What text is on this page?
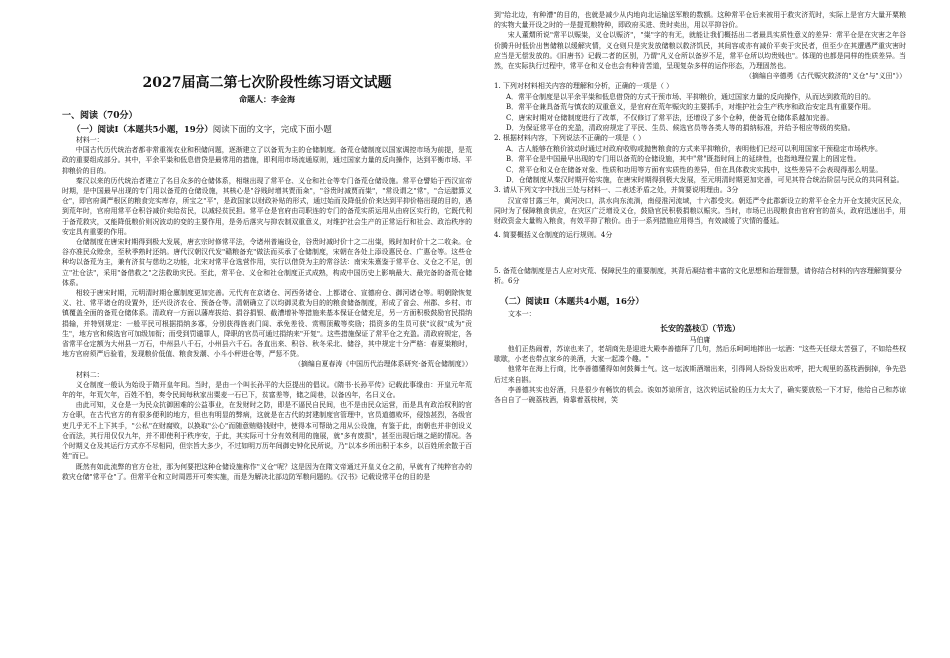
2027届高二第七次阶段性练习语文试题

命题人：李金海

一、阅读（70分）

（一）阅读Ⅰ（本题共5小题，19分）阅读下面的文字，完成下面小题

材料一：

中国古代历代统治者都非常重视农业和积储问题，逐渐建立了以备荒为主的仓储制度。备荒仓储制度以国家调控市场为前提，是荒政的重要组成部分。其中，平余平粜和低息借贷是最常用的措施，即利用市场流通原则，通过国家力量的反向操作，达到平衡市场、平抑粮价的目的。

秦汉以来的历代统治者建立了名目众多的仓储体系，相继出现了常平仓、义仓和社仓等专门备荒仓储设施。常平仓譬始于西汉宣帝时期，是中国最早出现的专门用以备荒的仓储设施，其核心是"谷贱时增其贾而籴"，"谷贵时减贾而粜"，"常设谓之"常"，"合运腊算义仓"，即官府调严根区的粮食完实库存，所宝之"平"，是政国家以财政补贴的形式，通过始而及降低价价来达到平抑价格出现的目的，遇到荒年时，官府用常平仓积谷减价卖给贫民，以减轻贫民担。常平仓是官府由司职连的专门的备荒实质运用从由府区实行的，它既代利于备荒救灾，又能降低粮价则况波动的变的主要作用，是务后落灾与抑农制双重意义，对维护社会生产的正常运行和社会、政治秩序的安定具有重要的作用。

仓储制度在唐宋时期得到极大发展，唐玄宗时修常平法，令诸州普遍设仓，谷贵时减时价十之二出粜，贱时加时价十之二收籴。仓谷亦准民众赊余，至秋季熟时还纳。唐代汉朝汉代发"赣粮备充"做法而买承了仓储制度，宋朝在各处上添设惠民仓、广惠仓等。这些仓种均以备荒为主，兼有济贫与慈幼之功能，北宋对常平仓选营作用，实行以借贷为主的常谷法：南宋朱熹鉴于常平仓、义仓之不足，创立"社仓法"，采用"备借救之"之法救助灾民。至此，常平仓、义仓和社仓制度正式成熟，构成中国历史上影响最大、最完备的备荒仓储体系。

相较于唐宋时期，元明清时期仓廪制度更加完善。元代有在京诸仓、河西务诸仓、上都诸仓、宣德府仓、御河诸仓等。明朝除恢复义、社、常平诸仓的设置外，还兴设济农仓、预备仓等。清朝确立了以均御灵救为目的的粮食储备制度，形成了省会、州郡、乡村、市镇覆盖全面的备荒仓储体系。清政府一方面以藩库拔给、捐谷捐银、截漕增补等措施来基本保证仓储充足，另一方面积极鼓励官民捐纳捐输，并特别规定：一般平民可根据捐纳多寡，分别获得旌表门闾、承免差役、赏赐顶戴等奖励；捐资多的生员可获"议叙"成为"贡生"，地方官和候选官可加级加衔；而受到罚谴罪人，降职的官员可通过捐纳来"开复"。这些措施保证了常平仓之充盈。清政府规定，各省常平仓定额为大州县一万石，中州县八千石，小州县六千石。各直出来、积谷、秋冬采北、储谷，其中规定十分严格：春夏粜粮时，地方官府须严后验看，发现粮价低值、粮食发潮、小斗小秤进仓等，严惩不贷。

（摘编自夏春涛《中国历代治理体系研究·备荒仓储制度》）

材料二：

义仓制度一般认为始设于隋开皇年间。当时，是由一个叫长孙平的大臣提出的倡议。《隋书·长孙平传》记载此事缘由：开皇元年荒年的年，年荒欠年，百姓不怕，奏令民间每秋家出粟麦一石已下，贫富差等，储之闾巷，以备凶年，名曰义仓。

由此可知，义仓是一为民众抗御困难的公益事业，在发财时之防，即是不逼民自民间，也不是由民众运营，而是具有政治权利的官方仓职，在古代官方的有很多便利的地方，但也有明显的弊病，这就是在古代的封建制度官管理中，官员道德败坏，侵蚀甚烈，各级官吏几乎无不上下其手，"公私"在财腐败，以换取"公心"而随意贿赂钱财中，使得本可帮助之用从公设施，有鉴于此，南朝也并非创设义仓而法，其行用仅仅九年，并不即使利于秩序安，于此，其实际可十分有效利用的施展，就"多有废损"，甚至出现后继之絕的情况。各个时期义仓及其运行方式亦不尽相同，但宗旨大多少，不过如明万历年间御史钟化民所说，乃"以本乡所出积于本乡，以百姓所余散于百姓"而已。

既然有如此流弊的官方仓社，那为何要把这种仓储设施称作"义仓"呢？这是因为在隋文帝通过开皇义仓之前，早就有了纯粹官办的救灾仓储"常平仓"了。但常平仓和立时周恩开可奏实施，而是为解决北部边防军粮问题的。《汉书》记载设常平仓的目的是

到"给北边，有种漕"的目的，也就是减少从内地向北运输送军粮的数额。这种常平仓后来被用于救灾济荒时，实际上是官方大量开粟粮的实物大量开设之时的一是提荒粮特种，即政府买进、贵时卖出，用以平抑谷价。

宋人董煟所说"常平以赈粜，义仓以赈济"，"粜"字的有无，就能让我们概括出二者最具实质性意义的差异：常平仓是在灾害之年谷价腾升时低价出售储粮以缓解灾情，义仓则只是灾发放储粮以救济饥民，其间容或亦有减价平卖于灾民者，但至少在其遭遇严重灾害时应当是无偿发放的。《旧唐书》记载二者的区别，乃谓"凡义仓所以备岁不足，常平仓所以均贵贱也"。体现的也都是同样的性质差异。当然，在实际执行过程中，常平仓和义仓也会有种肯苦道，呈现复杂多样的运作形态，乃理固然也。

（摘编自辛德勇《古代赈灾救济的"义仓"与"义田"》）

1. 下列对材料相关内容的理解和分析，正确的一项是（ ）

A．常平仓制度是以平余平粜和低息借贷的方式干预市场、平抑粮价，通过国家力量的反向操作，从而达到救荒的目的。

B．常平仓兼具备荒与慎农的双重意义，是官府在荒年赈灾的主要抓手，对维护社会生产秩序和政治安定具有重要作用。

C．唐宋时期对仓储制度进行了改革，不仅修订了常平法，还增设了多个仓种，使备荒仓储体系越加完善。

D．为保证常平仓的充盈，清政府规定了平民、生员、候选官员等各类人等的捐纳标准，并给予相应等级的奖励。

2. 根据材料内容，下列说法不正确的一项是（ ）

A．古人能够在粮价波动时通过对政府收购或抛售粮食的方式来平抑粮价，表明他们已经可以利用国家干预稳定市场秩序。

B．常平仓是中国最早出现的专门用以备荒的仓储设施，其中"常"既指时间上的延续性，也指地理位置上的固定性。

C．常平仓和义仓在储备对象、性质和功用等方面有实质性的差异，但在具体救灾实践中，这些差异不会表现得那么明显。

D．仓储制度从秦汉时期开始实施，在唐宋时期得到极大发展，至元明清时期更加完善，可见其符合统治阶层与民众的共同利益。

3. 请从下列文字中找出三处与材料一、二表述矛盾之处，并简要说明理由。3分

汉宣帝甘露三年，黄河决口，洪水向东流淌，南侵淮河流域，十六郡受灾。朝廷严令此郡新设立的常平仓全力开仓支援灾区民众，同时为了保障粮食供应，在灾区广泛增设义仓，鼓励官民积极捐粮以赈灾。当时，市场已出现粮食由官府官的苗头，政府迅速出手，用财政资金大量购入粮食，有效平抑了粮价。由于一系列措施应用得当，有效减缓了灾情的蔓延。

4. 简要概括义仓制度的运行规则。4分

5. 备荒仓储制度是古人应对灾荒、保障民生的重要制度，其背后凝结着丰富的文化思想和治理智慧，请你结合材料的内容理解简要分析。6分

（二）阅读Ⅱ（本题共4小题，16分）

文本一：

长安的荔枝①（节选）

马伯庸

他们正热闹着，苏谅也来了，老胡商先是迎进大殿李善德拜了几句，然后乐呵呵地摔出一坛酒："这些天任绿太苦强了，不如给些权歇歇，小老也带点家乡的美酒，大家一起凑个趣。"

他常年在海上行商，比李善德懂得如何鼓舞士气。这一坛波斯酒端出来，引得网人纷纷发出欢呼，把大观里的荔枝酒倒掉，争先恐后过来自斟。

李善德其实也好酒，只是很少有畅饮的机会。诶如苏谅所言，这次转运试验的压力太大了，确实要放松一下才好，他给自己和苏谅各自自了一碗荔枝酒，倚靠着荔枝树，笑
